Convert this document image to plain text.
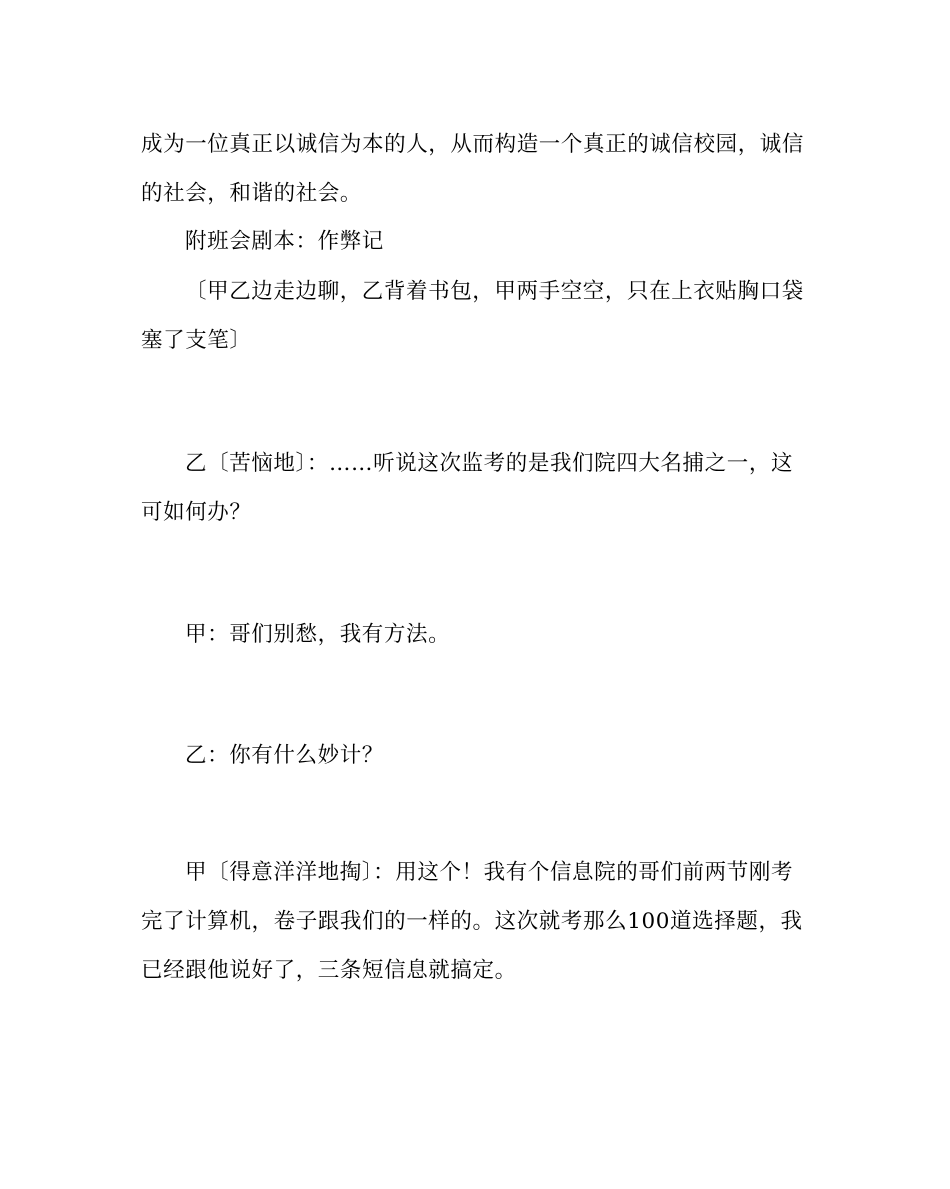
成为一位真正以诚信为本的人，从而构造一个真正的诚信校园，诚信
的社会，和谐的社会。
附班会剧本：作弊记
〔甲乙边走边聊，乙背着书包，甲两手空空，只在上衣贴胸口袋
塞了支笔〕
乙〔苦恼地〕：……听说这次监考的是我们院四大名捕之一，这
可如何办？
甲：哥们别愁，我有方法。
乙：你有什么妙计？
甲〔得意洋洋地掏〕：用这个！我有个信息院的哥们前两节刚考
完了计算机，卷子跟我们的一样的。这次就考那么100道选择题，我
已经跟他说好了，三条短信息就搞定。
